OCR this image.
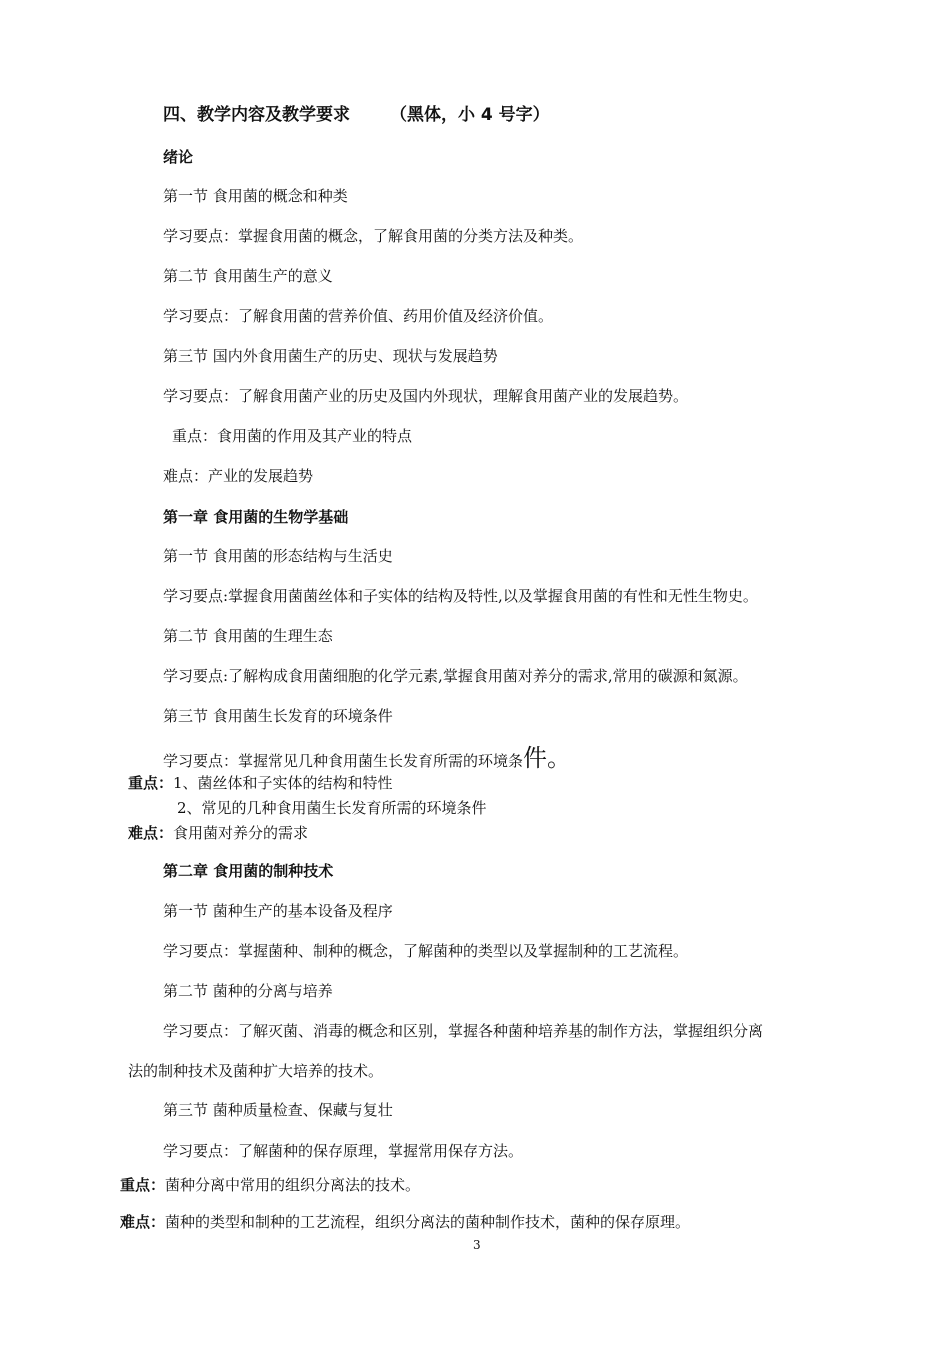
四、教学内容及教学要求 （黑体，小 4 号字）
绪论
第一节 食用菌的概念和种类
学习要点：掌握食用菌的概念，了解食用菌的分类方法及种类。
第二节 食用菌生产的意义
学习要点：了解食用菌的营养价值、药用价值及经济价值。
第三节 国内外食用菌生产的历史、现状与发展趋势
学习要点：了解食用菌产业的历史及国内外现状，理解食用菌产业的发展趋势。
重点：食用菌的作用及其产业的特点
难点：产业的发展趋势
第一章 食用菌的生物学基础
第一节 食用菌的形态结构与生活史
学习要点:掌握食用菌菌丝体和子实体的结构及特性,以及掌握食用菌的有性和无性生物史。
第二节 食用菌的生理生态
学习要点:了解构成食用菌细胞的化学元素,掌握食用菌对养分的需求,常用的碳源和氮源。
第三节 食用菌生长发育的环境条件
学习要点：掌握常见几种食用菌生长发育所需的环境条件。
重点：1、菌丝体和子实体的结构和特性
2、常见的几种食用菌生长发育所需的环境条件
难点：食用菌对养分的需求
第二章 食用菌的制种技术
第一节 菌种生产的基本设备及程序
学习要点：掌握菌种、制种的概念，了解菌种的类型以及掌握制种的工艺流程。
第二节 菌种的分离与培养
学习要点：了解灭菌、消毒的概念和区别，掌握各种菌种培养基的制作方法，掌握组织分离
法的制种技术及菌种扩大培养的技术。
第三节 菌种质量检查、保藏与复壮
学习要点：了解菌种的保存原理，掌握常用保存方法。
重点：菌种分离中常用的组织分离法的技术。
难点：菌种的类型和制种的工艺流程，组织分离法的菌种制作技术，菌种的保存原理。
3
